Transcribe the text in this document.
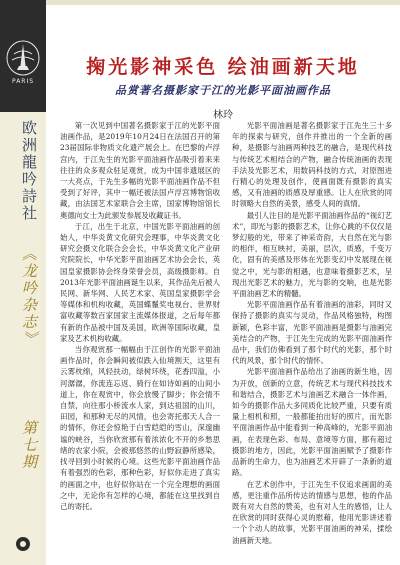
PARIS
欧洲龍吟詩社
《龙吟杂志》
第七期
掬光影神采色 绘油画新天地
品赏著名摄影家于江的光影平面油画作品
林玲

第一次见到中国著名摄影家于江的光影平面油画作品，是2019年10月24日在法国召开的第23届国际非物质文化遗产展会上。在巴黎的卢浮宫内，于江先生的光影平面油画作品吸引着来来往往的众多观众驻足观赏，成为中国非遗展区的一大亮点，于先生多幅的光影平面油画作品不但受到了好评，其中一幅还被法国卢浮宫博物馆收藏，由法国艺术家联合会主席，国家博物馆馆长奥德向女士为此颁发参展及收藏证书。

于江，出生于北京，中国光影平面油画的创始人，中华炎黄文化研究会理事，中华炎黄文化研究会摄文化联合会会长，中华炎黄文化产业研究院院长，中华光影平面油画艺术协会会长，英国皇家摄影协会终身荣誉会员，高级摄影师。自2013年光影平面油画诞生以来，其作品先后被人民网、新华网、人民艺术家、英国皇家摄影学会等媒体和机构收藏，英国蝶鬣奖电视台、世界财富收藏等数百家国家主流媒体报道，之后每年都有新的作品被中国及美国，欧洲等国际收藏，皇家及艺术机构收藏。

当你观赏那一幅幅由于江创作的光影平面油画作品时，你会瞬间被似跌入仙境割天，这里有云雾枕绵，风轻扶动，绿树环绕，花香四溢，小河潺潺，你流连忘返、骑行在如诗如画的山间小道上，你在观赏中，你会放慢了脚步；你会情不自禁，向往那小桥流水人家，到达祖国的山川，田园，和那种无尽的风情，也会寄托那天人合一的情怀，你还会惊艳于白雪皑皑的雪山，深邃幽谧的峡谷，当你欣赏那有着浓浓化不开的乡愁思绪的农家小院，会被那悠然的山野寂静所感染，找寻回到小时候的心境。这些光影平面油画作品有着强烈的色彩，那种色彩，好似你走进了真实的画面之中，也好似你站在一个完全理想的画面之中，无论你有怎样的心境，都能在这里找到自己的寄托。

光影平面油画是著名摄影家于江先生三十多年的探索与研究，创作并推出的一个全新的画种，是摄影与油画两种技艺的融合，是现代科技与传统艺术相结合的产物，融合传统油画的表现手法及光影艺术，用数码科技的方式，对原图进行精心的处理及创作，使画面既有摄影的真实感，又有油画的质感及厚重感。让人在欣赏的同时领略大自然的美景，感受人间的真情。

最引人注目的是光影平面油画作品的“视幻艺术”，即光与影的摄影艺术，让你心跳的不仅仅是梦幻般的光，带来了神采奇韵，大自然在光与影的相伴，相互映衬，美丽，层次，质感，千变万化，固有的美感及形体在光影变幻中发展现在视觉之中，光与影的相遇，也意味着摄影艺术，呈现出光影艺术的魅力，光与影的交响，也是光影平面油画艺术的精髓。

光影平面油画作品有着油画的油彩，同时又保持了摄影的真实与灵动，作品风格独特，构图新颖，色彩丰富，光影平面油画是摄影与油画完美结合的产物，于江先生完成的光影平面油画作品中，我们仿佛看到了那个时代的光影，那个时代的风景，那个时代的情怀。

光影平面油画作品给出了油画的新生地，因为开放，创新的立意，传统艺术与现代科技技术和谐结合，摄影艺术与油画艺术融合一体作画，如今的摄影作品大多同质化比较严重，只要有质量上相机和照，一般都能拍出好的照片，而光影平面油画作品中能看到一种高峰的，光影平面油画，在表现色彩、布局、意境等方面，都有超过摄影的地方，因此，光影平面油画赋予了摄影作品新的生命力，也为油画艺术开辟了一条新的道路。

在艺术创作中，于江先生不仅追求画面的美感，更注重作品所传达的情感与思想，他的作品既有对大自然的赞美，也有对人生的感悟，让人在欣赏的同时获得心灵的慰藉，他用光影讲述着一个个动人的故事，光影平面油画的神采，揉绘油画新天地。
